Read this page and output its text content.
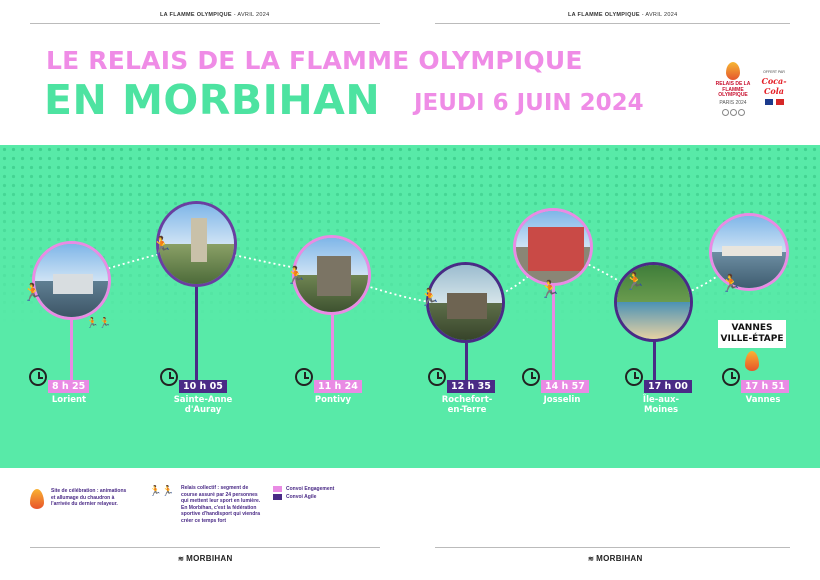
LA FLAMME OLYMPIQUE - AVRIL 2024	LA FLAMME OLYMPIQUE - AVRIL 2024
LE RELAIS DE LA FLAMME OLYMPIQUE
EN MORBIHAN JEUDI 6 JUIN 2024
RELAIS DE LA FLAMME OLYMPIQUE
PARIS 2024
OFFERT PAR
Coca-Cola
🏃
🏃
🏃
🏃	🏃	🏃	🏃
🏃🏃	VANNES
VILLE-ÉTAPE
8 h 25
Lorient
10 h 05
Sainte-Anne
d'Auray
11 h 24
Pontivy
12 h 35
Rochefort-
en-Terre
14 h 57
Josselin
17 h 00
Île-aux-
Moines
17 h 51
Vannes
Site de célébration : animations et allumage du chaudron à l'arrivée du dernier relayeur.
🏃🏃 Relais collectif : segment de course assuré par 24 personnes qui mettent leur sport en lumière. En Morbihan, c'est la fédération sportive d'handisport qui viendra créer ce temps fort
Convoi Engagement
Convoi Agile
≋ MORBIHAN	≋ MORBIHAN
